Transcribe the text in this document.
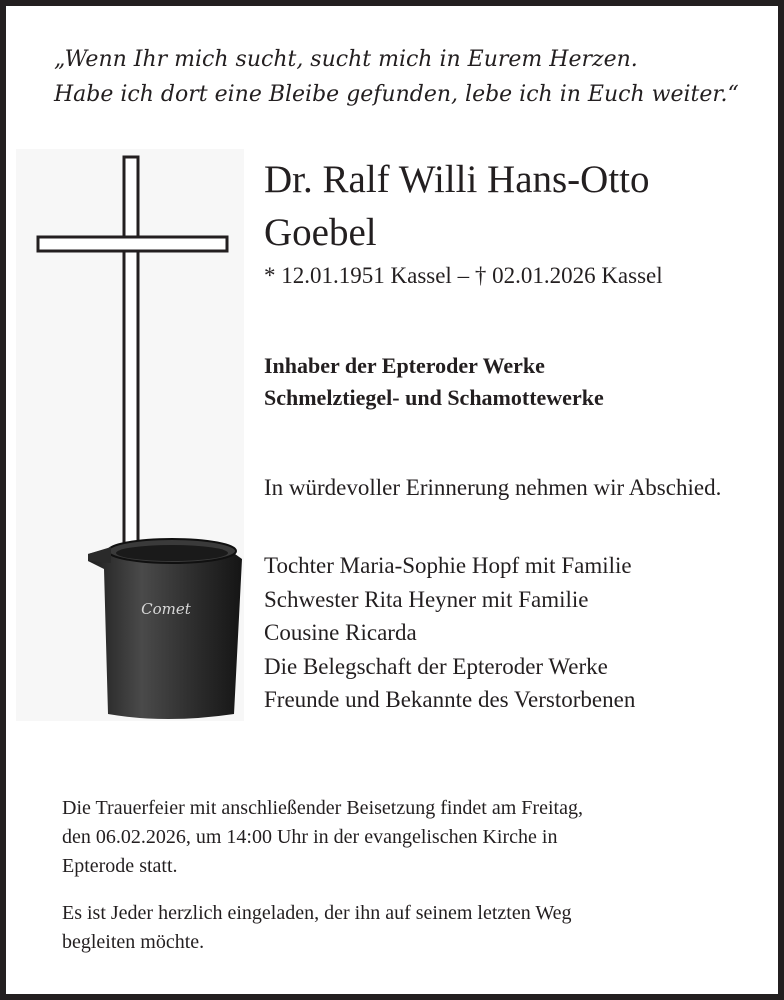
„Wenn Ihr mich sucht, sucht mich in Eurem Herzen.
Habe ich dort eine Bleibe gefunden, lebe ich in Euch weiter.“
Comet
Dr. Ralf Willi Hans-Otto
Goebel
* 12.01.1951 Kassel – † 02.01.2026 Kassel
Inhaber der Epteroder Werke
Schmelztiegel- und Schamottewerke
In würdevoller Erinnerung nehmen wir Abschied.
Tochter Maria-Sophie Hopf mit Familie
Schwester Rita Heyner mit Familie
Cousine Ricarda
Die Belegschaft der Epteroder Werke
Freunde und Bekannte des Verstorbenen
Die Trauerfeier mit anschließender Beisetzung findet am Freitag,
den 06.02.2026, um 14:00 Uhr in der evangelischen Kirche in
Epterode statt.
Es ist Jeder herzlich eingeladen, der ihn auf seinem letzten Weg
begleiten möchte.
